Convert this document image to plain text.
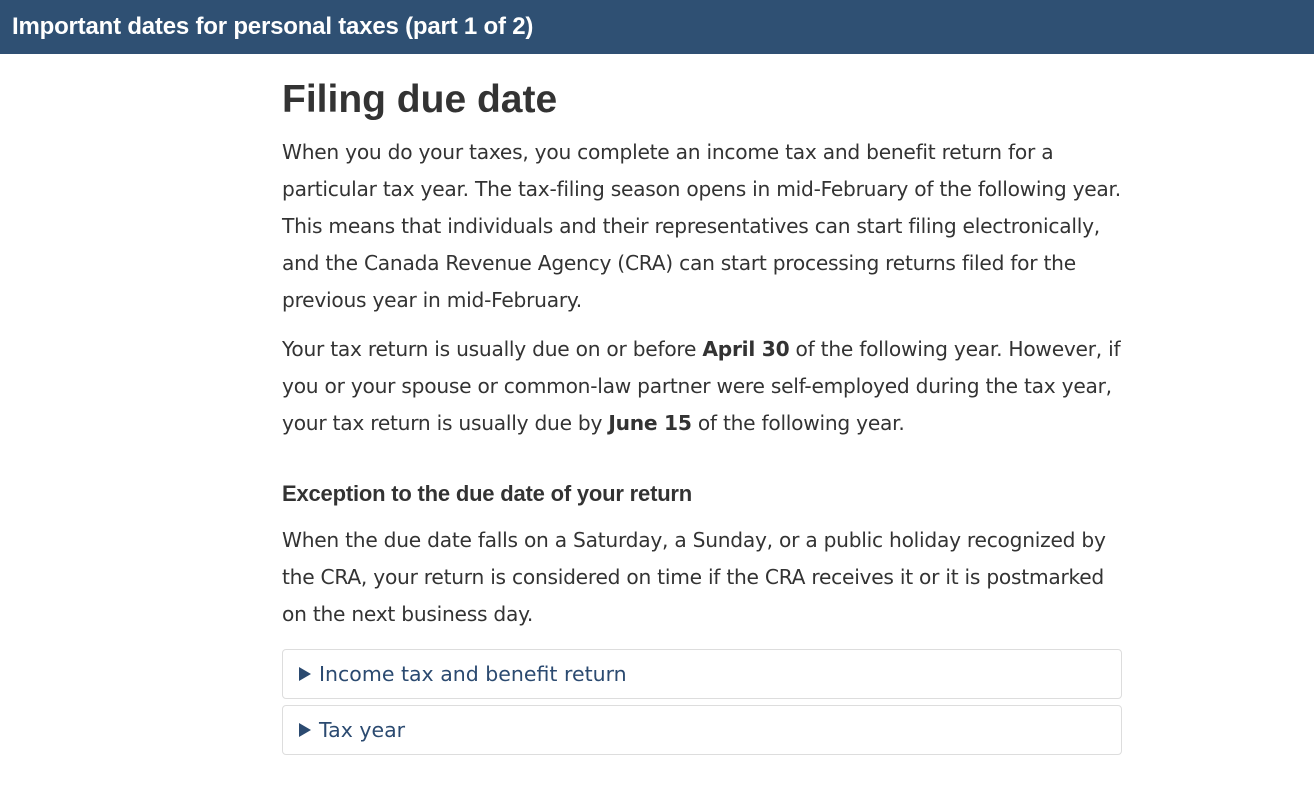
Important dates for personal taxes (part 1 of 2)
Filing due date

When you do your taxes, you complete an income tax and benefit return for a particular tax year. The tax-filing season opens in mid-February of the following year. This means that individuals and their representatives can start filing electronically, and the Canada Revenue Agency (CRA) can start processing returns filed for the previous year in mid-February.

Your tax return is usually due on or before April 30 of the following year. However, if you or your spouse or common-law partner were self-employed during the tax year, your tax return is usually due by June 15 of the following year.

Exception to the due date of your return

When the due date falls on a Saturday, a Sunday, or a public holiday recognized by the CRA, your return is considered on time if the CRA receives it or it is postmarked on the next business day.

Income tax and benefit return
Tax year
